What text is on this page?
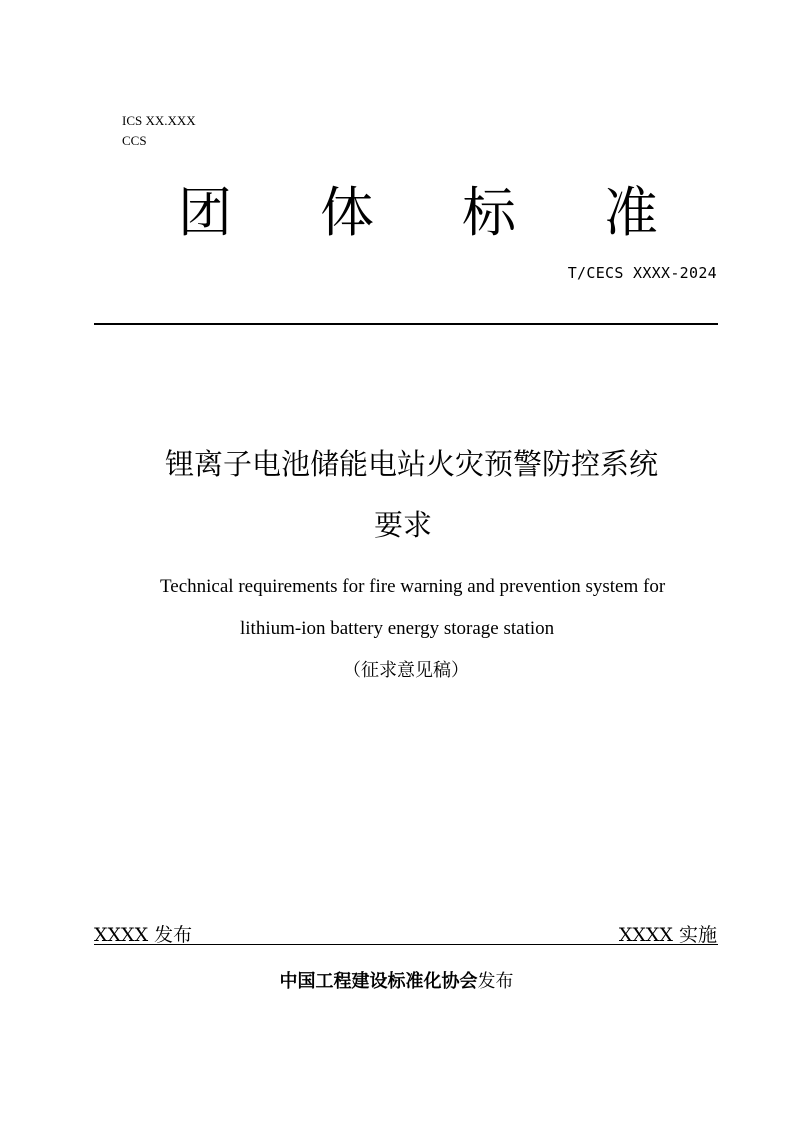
ICS XX.XXX
CCS
团 体 标 准
T/CECS XXXX-2024
锂离子电池储能电站火灾预警防控系统
要求
Technical requirements for fire warning and prevention system for
lithium-ion battery energy storage station
（征求意见稿）
XXXX 发布	XXXX 实施
中国工程建设标准化协会发布
